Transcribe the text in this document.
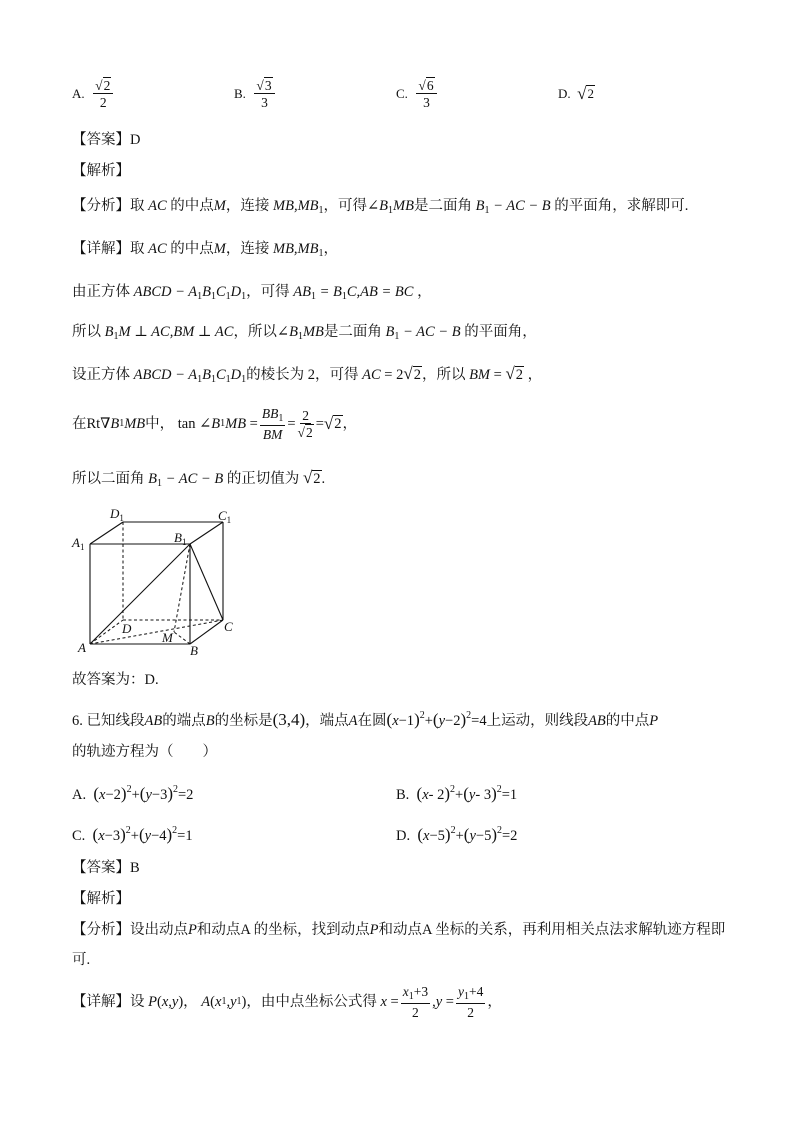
A.
$\frac{√2}{2}$	B.
$\frac{√3}{3}$	C.
$\frac{√6}{3}$	D.
√ 2
【答案】D
【解析】
【分析】取 AC 的中点M，连接 $MB,MB_1$，可得$\angle B_1MB$是二面角 $B_1$ − AC − B 的平面角，求解即可.
【详解】取 AC 的中点M，连接 $MB,MB_1$，
由正方体 ABCD − $A_1B_1C_1D_1$，可得 $AB_1 = B_1C,AB$ = BC ，
所以 $B_1M$ ⊥ AC,BM ⊥ AC，所以$\angle B_1MB$是二面角 $B_1$ − AC − B 的平面角，
设正方体 ABCD − $A_1B_1C_1D_1$的棱长为 2，可得 AC = 2√2，所以 BM = √2 ，
在 Rt∇ B 1 MB 中，
tan ∠ B 1 MB = $\frac{BB_1}{BM} = \frac{2}{√2}$ = √ 2 ，
所以二面角 $B_1$ − AC − B 的正切值为 √2.
$D_1$	$C_1$
$A_1$
$B_1$
D
M
C
A	B
故答案为：D.
6. 已知线段AB的端点B的坐标是(3,4)，端点A在圆$(x-1)^2+(y-2)^2=4$上运动，则线段AB的中点P
的轨迹方程为（　　）
A. $(x-2)^2+(y-3)^2=2$	B. (x- 2)$^2$+(y- 3)$^2$=1
C. $(x-3)^2+(y-4)^2=1$	D. $(x-5)^2+(y-5)^2=2$
【答案】B
【解析】
【分析】设出动点P和动点A 的坐标，找到动点P和动点A 坐标的关系，再利用相关点法求解轨迹方程即
可.
【详解】 设
P ( x , y ) ，
A ( x 1 , y 1 ) ，由中点坐标公式得
$x = \frac{x_1+3}{2}$ , $y = \frac{y_1+4}{2}$ ，
